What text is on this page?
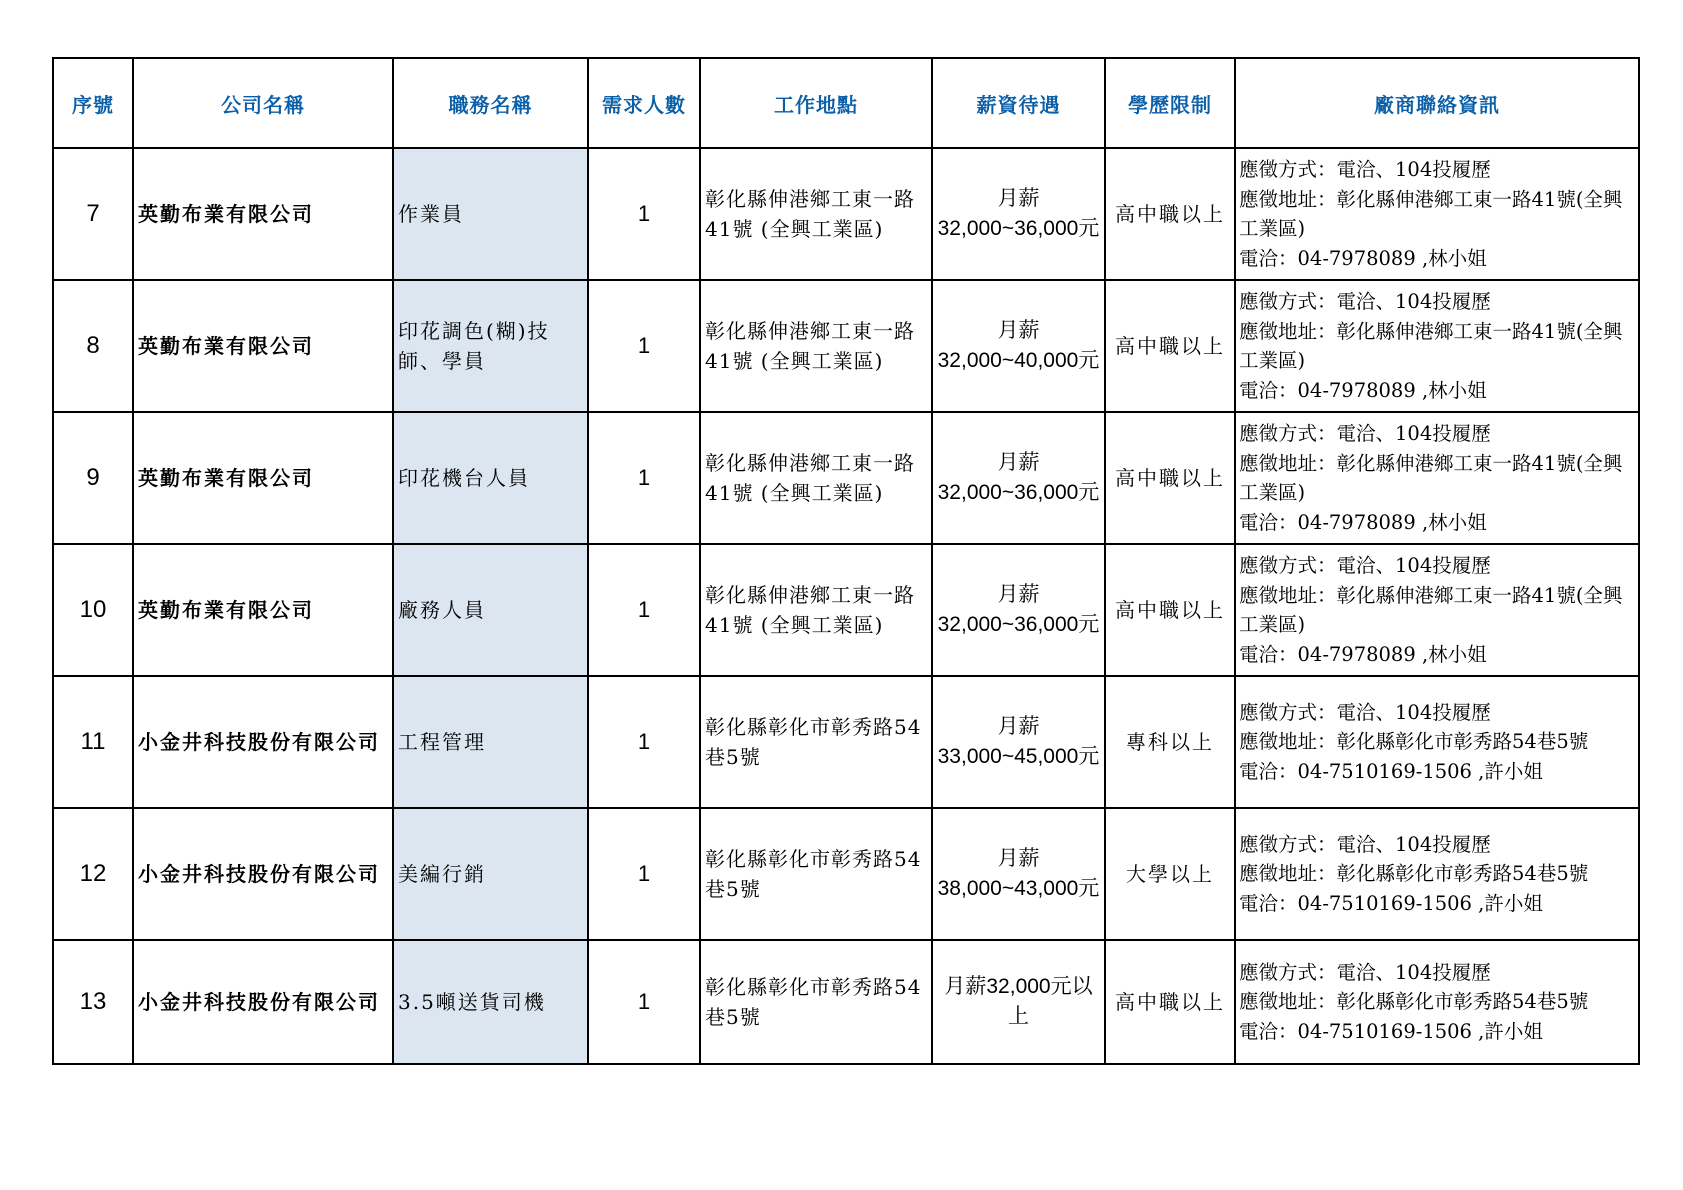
序號	公司名稱	職務名稱	需求人數	工作地點	薪資待遇	學歷限制	廠商聯絡資訊
7	英勤布業有限公司	作業員	1	彰化縣伸港鄉工東一路41號 (全興工業區)	月薪 32,000~36,000元	高中職以上	應徵方式：電洽、104投履歷
應徵地址：彰化縣伸港鄉工東一路41號(全興工業區)
電洽：04-7978089 ,林小姐

8	英勤布業有限公司	印花調色(糊)技師、學員	1	彰化縣伸港鄉工東一路41號 (全興工業區)	月薪 32,000~40,000元	高中職以上	應徵方式：電洽、104投履歷
應徵地址：彰化縣伸港鄉工東一路41號(全興工業區)
電洽：04-7978089 ,林小姐

9	英勤布業有限公司	印花機台人員	1	彰化縣伸港鄉工東一路41號 (全興工業區)	月薪 32,000~36,000元	高中職以上	應徵方式：電洽、104投履歷
應徵地址：彰化縣伸港鄉工東一路41號(全興工業區)
電洽：04-7978089 ,林小姐

10	英勤布業有限公司	廠務人員	1	彰化縣伸港鄉工東一路41號 (全興工業區)	月薪 32,000~36,000元	高中職以上	應徵方式：電洽、104投履歷
應徵地址：彰化縣伸港鄉工東一路41號(全興工業區)
電洽：04-7978089 ,林小姐

11	小金井科技股份有限公司	工程管理	1	彰化縣彰化市彰秀路54巷5號	月薪 33,000~45,000元	專科以上	應徵方式：電洽、104投履歷
應徵地址：彰化縣彰化市彰秀路54巷5號
電洽：04-7510169-1506 ,許小姐

12	小金井科技股份有限公司	美編行銷	1	彰化縣彰化市彰秀路54巷5號	月薪 38,000~43,000元	大學以上	應徵方式：電洽、104投履歷
應徵地址：彰化縣彰化市彰秀路54巷5號
電洽：04-7510169-1506 ,許小姐

13	小金井科技股份有限公司	3.5噸送貨司機	1	彰化縣彰化市彰秀路54巷5號	月薪32,000元以上	高中職以上	應徵方式：電洽、104投履歷
應徵地址：彰化縣彰化市彰秀路54巷5號
電洽：04-7510169-1506 ,許小姐
